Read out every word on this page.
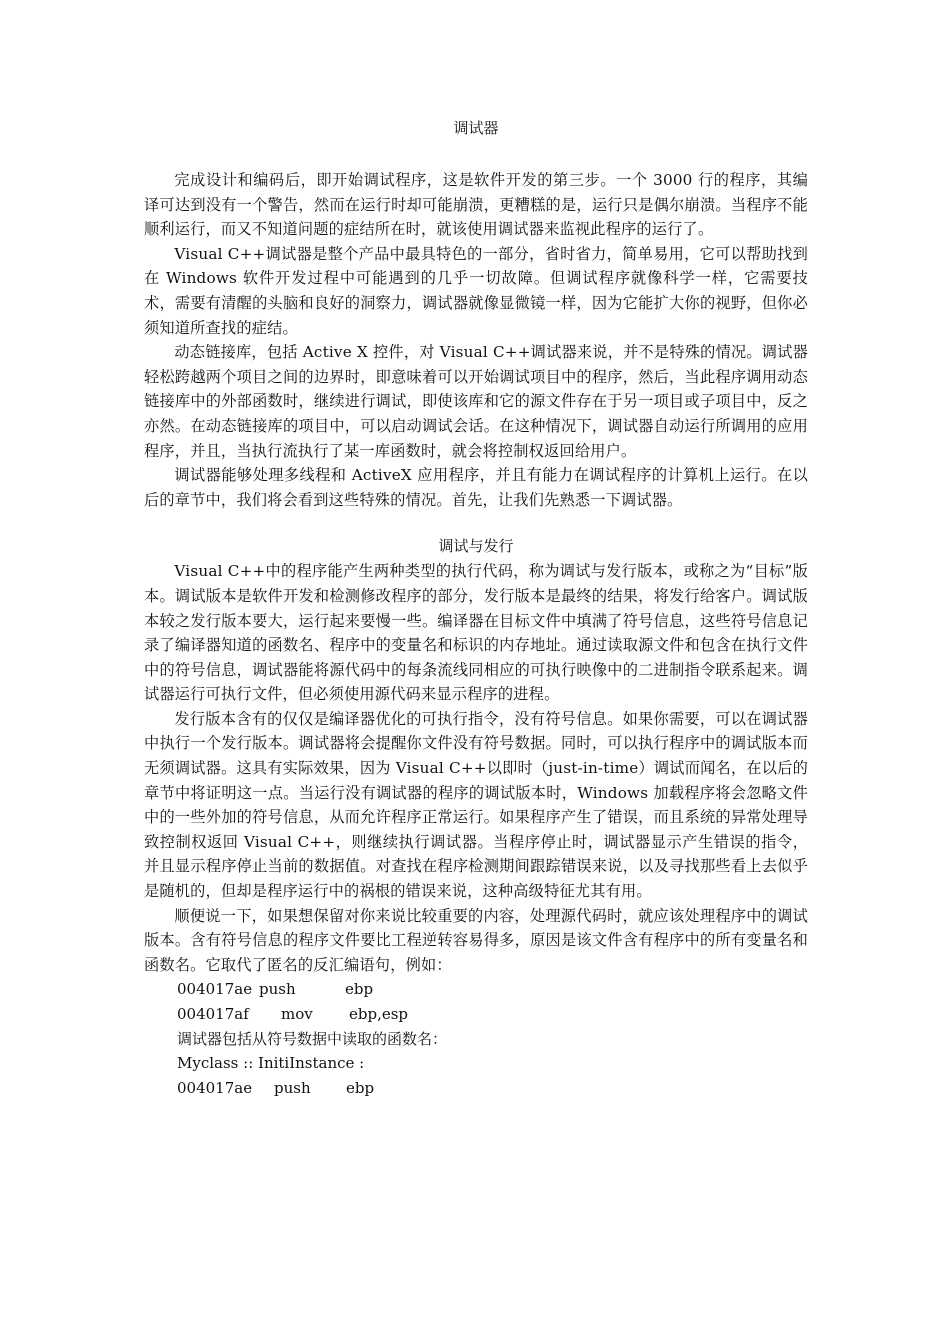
调试器

完成设计和编码后，即开始调试程序，这是软件开发的第三步。一个 3000 行的程序，其编译可达到没有一个警告，然而在运行时却可能崩溃，更糟糕的是，运行只是偶尔崩溃。当程序不能顺利运行，而又不知道问题的症结所在时，就该使用调试器来监视此程序的运行了。

Visual C++调试器是整个产品中最具特色的一部分，省时省力，简单易用，它可以帮助找到在 Windows 软件开发过程中可能遇到的几乎一切故障。但调试程序就像科学一样，它需要技术，需要有清醒的头脑和良好的洞察力，调试器就像显微镜一样，因为它能扩大你的视野，但你必须知道所查找的症结。

动态链接库，包括 Active X 控件，对 Visual C++调试器来说，并不是特殊的情况。调试器轻松跨越两个项目之间的边界时，即意味着可以开始调试项目中的程序，然后，当此程序调用动态链接库中的外部函数时，继续进行调试，即使该库和它的源文件存在于另一项目或子项目中，反之亦然。在动态链接库的项目中，可以启动调试会话。在这种情况下，调试器自动运行所调用的应用程序，并且，当执行流执行了某一库函数时，就会将控制权返回给用户。

调试器能够处理多线程和 ActiveX 应用程序，并且有能力在调试程序的计算机上运行。在以后的章节中，我们将会看到这些特殊的情况。首先，让我们先熟悉一下调试器。

调试与发行

Visual C++中的程序能产生两种类型的执行代码，称为调试与发行版本，或称之为“目标”版本。调试版本是软件开发和检测修改程序的部分，发行版本是最终的结果，将发行给客户。调试版本较之发行版本要大，运行起来要慢一些。编译器在目标文件中填满了符号信息，这些符号信息记录了编译器知道的函数名、程序中的变量名和标识的内存地址。通过读取源文件和包含在执行文件中的符号信息，调试器能将源代码中的每条流线同相应的可执行映像中的二进制指令联系起来。调试器运行可执行文件，但必须使用源代码来显示程序的进程。

发行版本含有的仅仅是编译器优化的可执行指令，没有符号信息。如果你需要，可以在调试器中执行一个发行版本。调试器将会提醒你文件没有符号数据。同时，可以执行程序中的调试版本而无须调试器。这具有实际效果，因为 Visual C++以即时（just-in-time）调试而闻名，在以后的章节中将证明这一点。当运行没有调试器的程序的调试版本时，Windows 加载程序将会忽略文件中的一些外加的符号信息，从而允许程序正常运行。如果程序产生了错误，而且系统的异常处理导致控制权返回 Visual C++，则继续执行调试器。当程序停止时，调试器显示产生错误的指令，并且显示程序停止当前的数据值。对查找在程序检测期间跟踪错误来说，以及寻找那些看上去似乎是随机的，但却是程序运行中的祸根的错误来说，这种高级特征尤其有用。

顺便说一下，如果想保留对你来说比较重要的内容，处理源代码时，就应该处理程序中的调试版本。含有符号信息的程序文件要比工程逆转容易得多，原因是该文件含有程序中的所有变量名和函数名。它取代了匿名的反汇编语句，例如：

004017ae push	ebp
004017af mov ebp,esp
调试器包括从符号数据中读取的函数名：
Myclass :: InitiInstance :
004017ae push ebp
